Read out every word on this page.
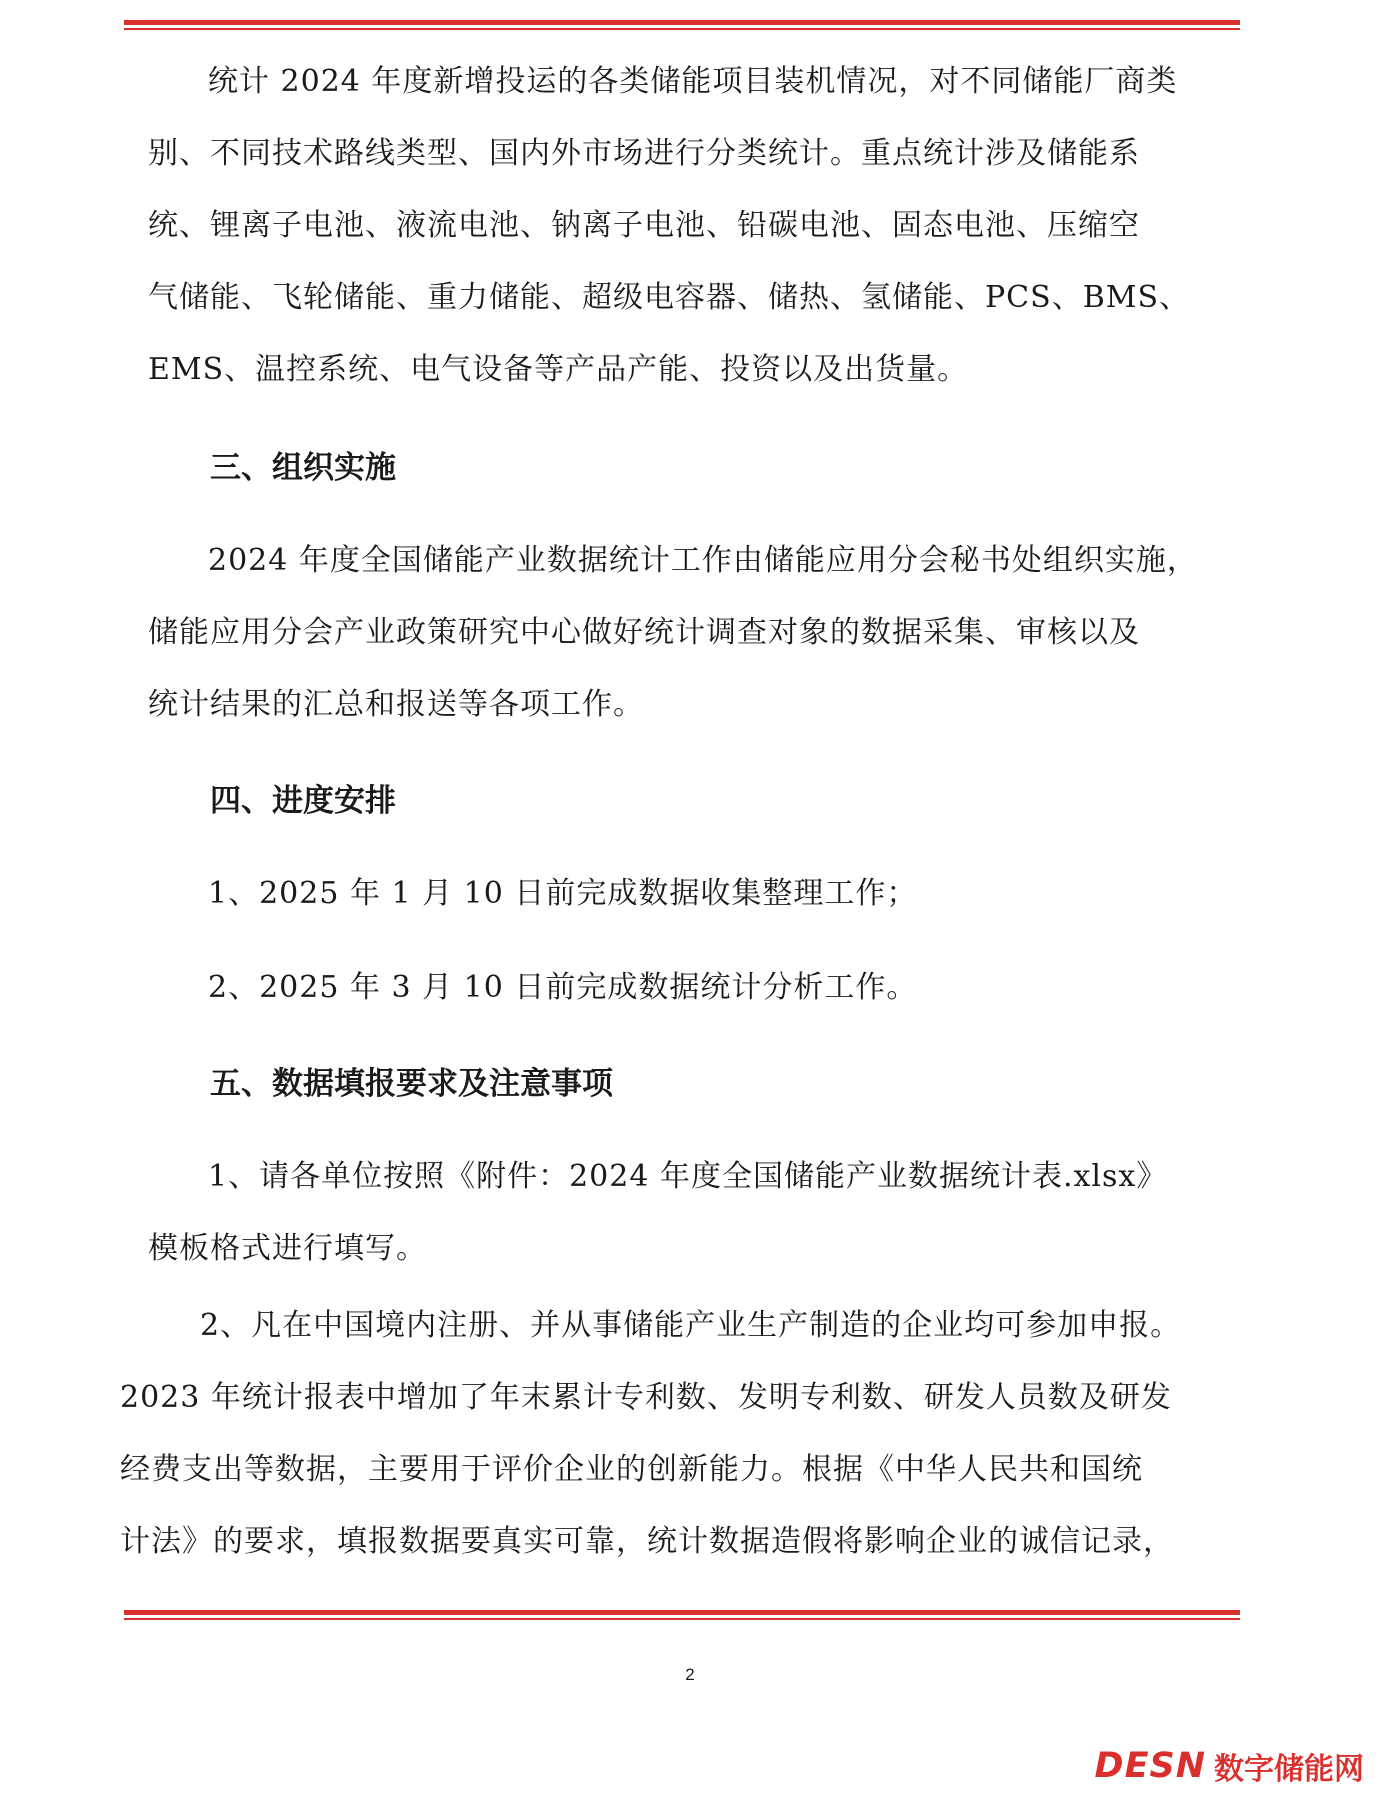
统计 2024 年度新增投运的各类储能项目装机情况，对不同储能厂商类
别、不同技术路线类型、国内外市场进行分类统计。重点统计涉及储能系
统、锂离子电池、液流电池、钠离子电池、铅碳电池、固态电池、压缩空
气储能、飞轮储能、重力储能、超级电容器、储热、氢储能、PCS、BMS、
EMS、温控系统、电气设备等产品产能、投资以及出货量。
三、组织实施
2024 年度全国储能产业数据统计工作由储能应用分会秘书处组织实施，
储能应用分会产业政策研究中心做好统计调查对象的数据采集、审核以及
统计结果的汇总和报送等各项工作。
四、进度安排
1、2025 年 1 月 10 日前完成数据收集整理工作；
2、2025 年 3 月 10 日前完成数据统计分析工作。
五、数据填报要求及注意事项
1、请各单位按照《附件：2024 年度全国储能产业数据统计表.xlsx》
模板格式进行填写。
2、凡在中国境内注册、并从事储能产业生产制造的企业均可参加申报。
2023 年统计报表中增加了年末累计专利数、发明专利数、研发人员数及研发
经费支出等数据，主要用于评价企业的创新能力。根据《中华人民共和国统
计法》的要求，填报数据要真实可靠，统计数据造假将影响企业的诚信记录，
2
DESN 数字储能网
